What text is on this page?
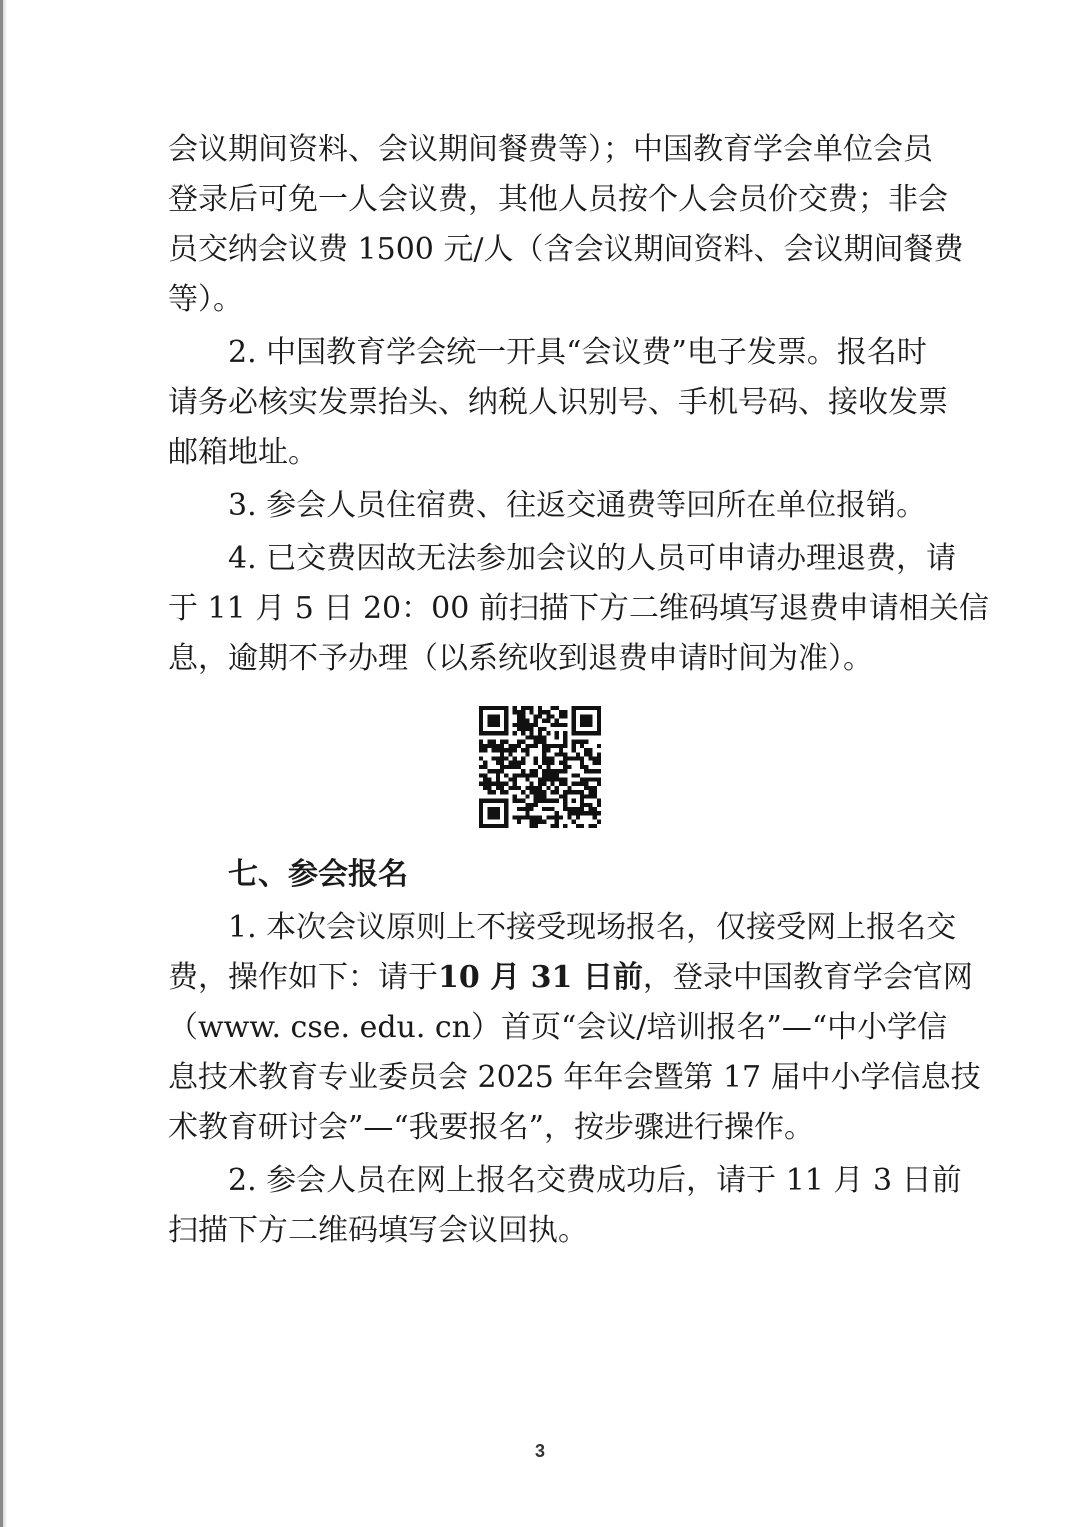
会议期间资料、会议期间餐费等）；中国教育学会单位会员
登录后可免一人会议费，其他人员按个人会员价交费；非会
员交纳会议费 1500 元/人（含会议期间资料、会议期间餐费
等）。
2. 中国教育学会统一开具“会议费”电子发票。报名时
请务必核实发票抬头、纳税人识别号、手机号码、接收发票
邮箱地址。
3. 参会人员住宿费、往返交通费等回所在单位报销。
4. 已交费因故无法参加会议的人员可申请办理退费，请
于 11 月 5 日 20：00 前扫描下方二维码填写退费申请相关信
息，逾期不予办理（以系统收到退费申请时间为准）。
七、参会报名
1. 本次会议原则上不接受现场报名，仅接受网上报名交
费，操作如下：请于10 月 31 日前，登录中国教育学会官网
（www. cse. edu. cn）首页“会议/培训报名”—“中小学信
息技术教育专业委员会 2025 年年会暨第 17 届中小学信息技
术教育研讨会”—“我要报名”，按步骤进行操作。
2. 参会人员在网上报名交费成功后，请于 11 月 3 日前
扫描下方二维码填写会议回执。
3
